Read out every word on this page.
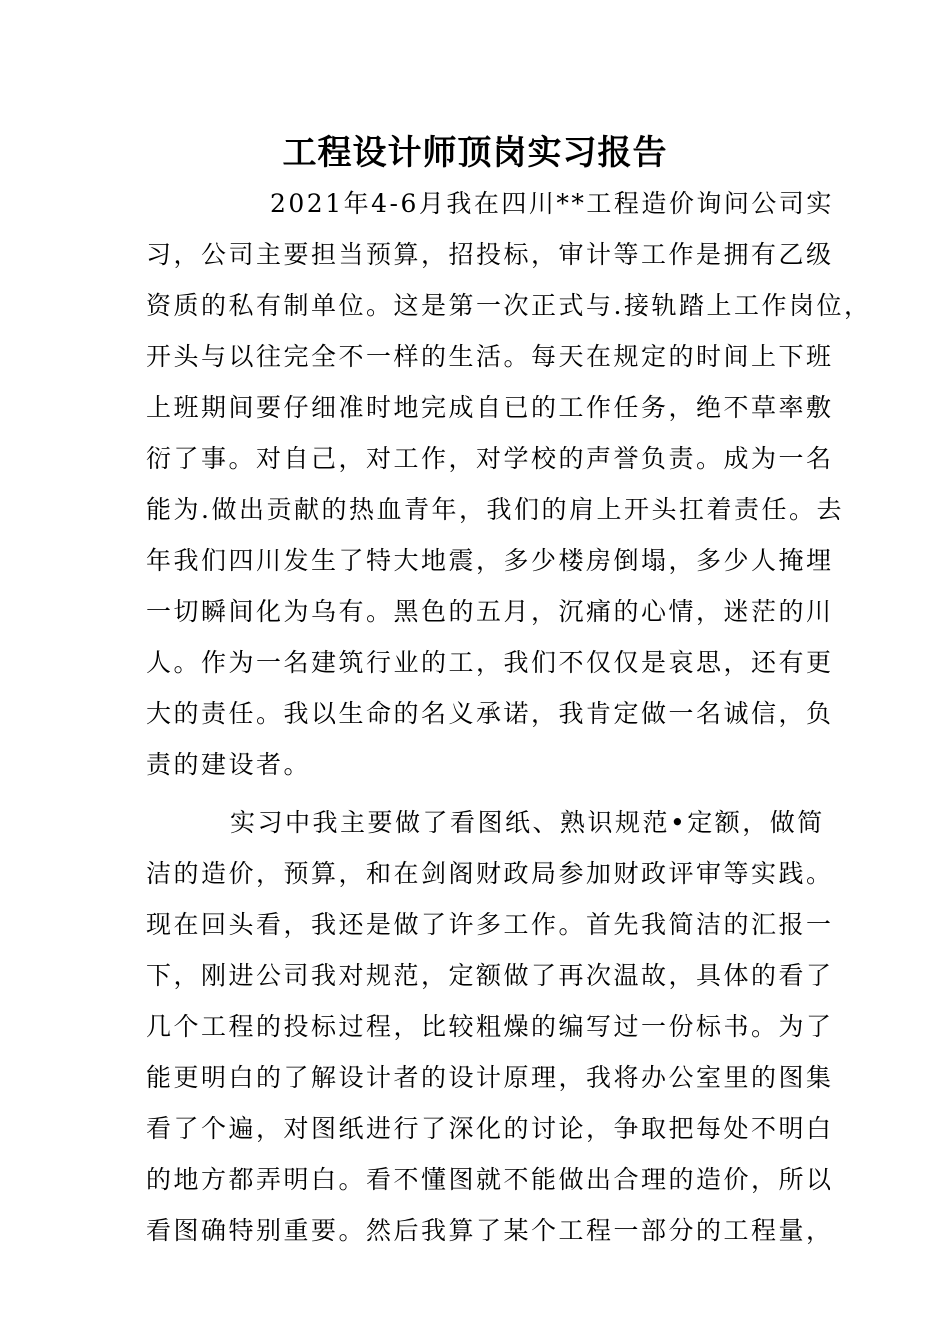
工程设计师顶岗实习报告
2021年4-6月我在四川**工程造价询问公司实
习，公司主要担当预算，招投标，审计等工作是拥有乙级
资质的私有制单位。这是第一次正式与.接轨踏上工作岗位，
开头与以往完全不一样的生活。每天在规定的时间上下班
上班期间要仔细准时地完成自已的工作任务，绝不草率敷
衍了事。对自己，对工作，对学校的声誉负责。成为一名
能为.做出贡献的热血青年，我们的肩上开头扛着责任。去
年我们四川发生了特大地震，多少楼房倒塌，多少人掩埋
一切瞬间化为乌有。黑色的五月，沉痛的心情，迷茫的川
人。作为一名建筑行业的工，我们不仅仅是哀思，还有更
大的责任。我以生命的名义承诺，我肯定做一名诚信，负
责的建设者。
实习中我主要做了看图纸、熟识规范•定额，做简
洁的造价，预算，和在剑阁财政局参加财政评审等实践。
现在回头看，我还是做了许多工作。首先我简洁的汇报一
下，刚进公司我对规范，定额做了再次温故，具体的看了
几个工程的投标过程，比较粗燥的编写过一份标书。为了
能更明白的了解设计者的设计原理，我将办公室里的图集
看了个遍，对图纸进行了深化的讨论，争取把每处不明白
的地方都弄明白。看不懂图就不能做出合理的造价，所以
看图确特别重要。然后我算了某个工程一部分的工程量，
